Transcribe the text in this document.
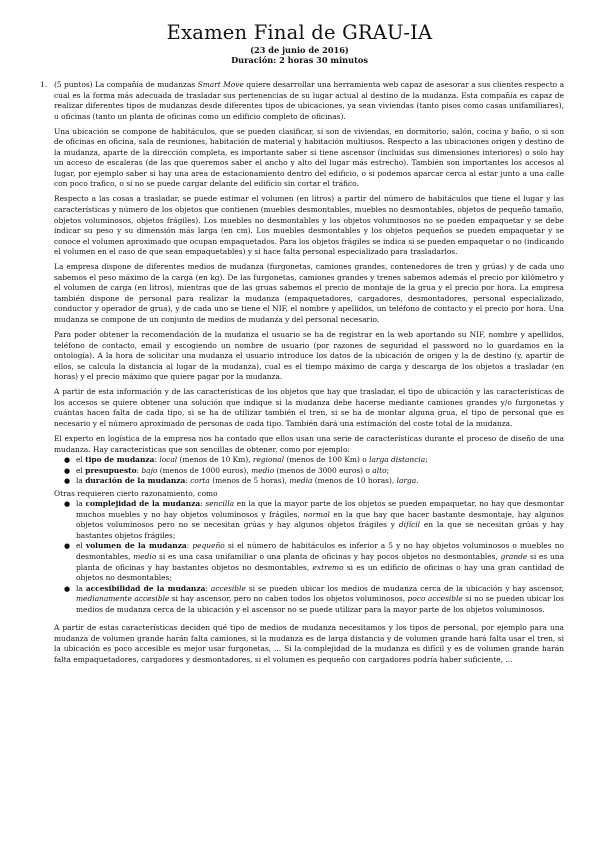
Examen Final de GRAU-IA
(23 de junio de 2016)
Duración: 2 horas 30 minutos
1. (5 puntos) La compañía de mudanzas Smart Move quiere desarrollar una herramienta web capaz de asesorar a sus clientes respecto a cual es la forma más adecuada de trasladar sus pertenencias de su lugar actual al destino de la mudanza. Esta compañía es capaz de realizar diferentes tipos de mudanzas desde diferentes tipos de ubicaciones, ya sean viviendas (tanto pisos como casas unifamiliares), u oficinas (tanto un planta de oficinas como un edificio completo de oficinas).

Una ubicación se compone de habitáculos, que se pueden clasificar, si son de viviendas, en dormitorio, salón, cocina y baño, o si son de oficinas en oficina, sala de reuniones, habitación de material y habitación multiusos. Respecto a las ubicaciones origen y destino de la mudanza, aparte de la dirección completa, es importante saber si tiene ascensor (incluidas sus dimensiones interiores) o solo hay un acceso de escaleras (de las que queremos saber el ancho y alto del lugar más estrecho). También son importantes los accesos al lugar, por ejemplo saber si hay una area de estacionamiento dentro del edificio, o si podemos aparcar cerca al estar junto a una calle con poco trafico, o si no se puede cargar delante del edificio sin cortar el tráfico.

Respecto a las cosas a trasladar, se puede estimar el volumen (en litros) a partir del número de habitáculos que tiene el lugar y las características y número de los objetos que contienen (muebles desmontables, muebles no desmontables, objetos de pequeño tamaño, objetos voluminosos, objetos frágiles). Los muebles no desmontables y los objetos voluminosos no se pueden empaquetar y se debe indicar su peso y su dimensión más larga (en cm). Los muebles desmontables y los objetos pequeños se pueden empaquetar y se conoce el volumen aproximado que ocupan empaquetados. Para los objetos frágiles se indica si se pueden empaquetar o no (indicando el volumen en el caso de que sean empaquetables) y si hace falta personal especializado para trasladarlos.

La empresa dispone de diferentes medios de mudanza (furgonetas, camiones grandes, contenedores de tren y grúas) y de cada uno sabemos el peso máximo de la carga (en kg). De las furgonetas, camiones grandes y trenes sabemos además el precio por kilómetro y el volumen de carga (en litros), mientras que de las gruas sabemos el precio de montaje de la grua y el precio por hora. La empresa también dispone de personal para realizar la mudanza (empaquetadores, cargadores, desmontadores, personal especializado, conductor y operador de grua), y de cada uno se tiene el NIF, el nombre y apellidos, un teléfono de contacto y el precio por hora. Una mudanza se compone de un conjunto de medios de mudanza y del personal necesario.

Para poder obtener la recomendación de la mudanza el usuario se ha de registrar en la web aportando su NIF, nombre y apellidos, teléfono de contacto, email y escogiendo un nombre de usuario (por razones de seguridad el password no lo guardamos en la ontología). A la hora de solicitar una mudanza el usuario introduce los datos de la ubicación de origen y la de destino (y, apartir de ellos, se calcula la distancia al lugar de la mudanza), cual es el tiempo máximo de carga y descarga de los objetos a trasladar (en horas) y el precio máximo que quiere pagar por la mudanza.

A partir de esta información y de las características de los objetos que hay que trasladar, el tipo de ubicación y las características de los accesos se quiere obtener una solución que indique si la mudanza debe hacerse mediante camiones grandes y/o furgonetas y cuántas hacen falta de cada tipo, si se ha de utilizar también el tren, si se ha de montar alguna grua, el tipo de personal que es necesario y el número aproximado de personas de cada tipo. También dará una estimación del coste total de la mudanza.

El experto en logística de la empresa nos ha contado que ellos usan una serie de características durante el proceso de diseño de una mudanza. Hay características que son sencillas de obtener, como por ejemplo:

● el tipo de mudanza: local (menos de 10 Km), regional (menos de 100 Km) o larga distancia;
● el presupuesto: bajo (menos de 1000 euros), medio (menos de 3000 euros) o alto;
● la duración de la mudanza: corta (menos de 5 horas), media (menos de 10 horas), larga.

Otras requieren cierto razonamiento, como

● la complejidad de la mudanza: sencilla en la que la mayor parte de los objetos se pueden empaquetar, no hay que desmontar muchos muebles y no hay objetos voluminosos y frágiles, normal en la que hay que hacer bastante desmontaje, hay algunos objetos voluminosos pero no se necesitan grúas y hay algunos objetos frágiles y difícil en la que se necesitan grúas y hay bastantes objetos frágiles;
● el volumen de la mudanza: pequeño si el número de habitáculos es inferior a 5 y no hay objetos voluminosos o muebles no desmontables, medio si es una casa unifamiliar o una planta de oficinas y hay pocos objetos no desmontables, grande si es una planta de oficinas y hay bastantes objetos no desmontables, extremo si es un edificio de oficinas o hay una gran cantidad de objetos no desmontables;
● la accesibilidad de la mudanza: accesible si se pueden ubicar los medios de mudanza cerca de la ubicación y hay ascensor, medianamente accesible si hay ascensor, pero no caben todos los objetos voluminosos, poco accesible si no se pueden ubicar los medios de mudanza cerca de la ubicación y el ascensor no se puede utilizar para la mayor parte de los objetos voluminosos.

A partir de estas características deciden qué tipo de medios de mudanza necesitamos y los tipos de personal, por ejemplo para una mudanza de volumen grande harán falta camiones, si la mudanza es de larga distancia y de volumen grande hará falta usar el tren, si la ubicación es poco accesible es mejor usar furgonetas, ... Si la complejidad de la mudanza es difícil y es de volumen grande harán falta empaquetadores, cargadores y desmontadores, si el volumen es pequeño con cargadores podría haber suficiente, ...
